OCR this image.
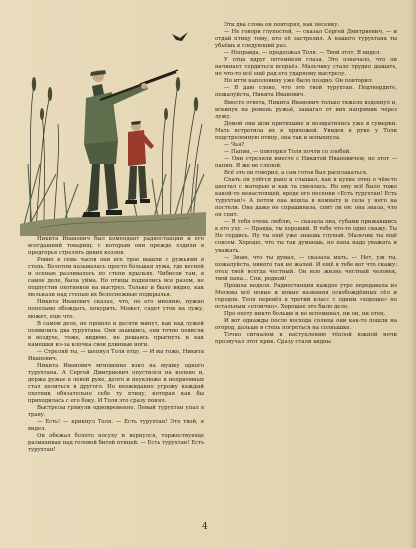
Никита Иванович был комендант радиостанции и его всегдашний товарищ; с которым они прежде ездили в предгорья стрелять диких козлов.

Ровно в семь часов они все трое вышли с ружьями в степь. Болотом называлась просто большая лужа, где весной и осенью разливалось по степи крыльях. Чибисов там, в самое деле, была уйма. Но птицы поднялись все разом, не подпустив охотников на выстрел. Только и было видно, как мелькали над степью их белоснежные подкрылья.

Никита Иванович сказал, что, по его мнению, нужно попеламо обождать, покурить. Может, сядет уток на лужу, может, еще что.

В самом деле, не прошло и десяти минут, как над лужей появились два турухтана. Они знавшись, они точно повисли в воздухе, тоже, видимо, не решаясь прыгнуть и как камешки из-за клочка свои длинные ноги.

— Стреляй ты, — шепнул Толя отцу. — И вы тоже, Никита Иванович.

Никита Иванович мгновенно взял на мушку одного турухтана. А Сергей Дмитриевич опустился на колено и, держа ружье в левой руке, долго и неуклюже в неприемных стал целиться в другого. Но неожиданно угрожу каждый охотник обязательно себе ту птицу, которая как бы приходилась с его боку. И Толя это сразу понял.

Выстрелы грянули одновременно. Левый турухтан упал в траву.

— Есть! — крикнул Толя. — Есть турухтан! Это твой, я видел.

Он обежал болото посуху и вернулся, торжествующе размахивая над головой битой птицей. — Есть турухтан! Есть турухтан!

Эти два слова он повторял, как песенку.

— Не говори глупостей, — сказал Сергей Дмитриевич, — и отдай птицу тому, кто её застрелил. А нашего турухтана ты убьёшь в следующий раз.

— Неправда, — продолжал Толя. — Твой этот. Я видел.

У отца вдруг потемнели глаза. Это означало, что он начинает сердиться всерьёз. Мальчику стало трудно дышать, но что-то всё ещё рад его ударному выстрелу.

Но итти наполовину уже было поздно. Он повторил:

— Я даю слово, что это твой турухтан. Подтвердите, пожалуйста, Никита Иванович.

Вместо ответа, Никита Иванович только тяжело вздохнул и, вскинув на ремень ружьё, зашагал от них напрямик через лужу.

Домой они шли притихшие и возвратились уже в сумерки. Мать встретила их в прихожей. Увидев в руке у Толи подстреленную птицу, она так и вспыхнула.

— Чья?

— Папин, — повторил Толя почти со злобой.

— Они стреляли вместе с Никитой Ивановичем, но этот — папин. Я же не слепой.

Всё это он говорил, а сам готов был расплакаться.

Спать он улёгся рано и слышал, как в кухне отец о чём-то шептал с матерью и как та смеялась. Но ему всё было тоже какой-то ненастоящей, вроде его песенки «Есть турухтан! Есть турухтан!» А потом она вошла в комнату и села у него на постели. Она даже не спрашивала, спит ли он: она знала, что он спит.

— Я тебя очень люблю, — сказала она, губами прижавшись к его уху. — Правда, ты хороший. Я тебе что-то одно скажу. Ты Не сердись. Ну ты ещё уже знаешь глупый. Мальчик ты ещё совсем. Хорошо, что ты так думаешь, но папа надо уважать и уважать.

— Знаю, что ты думал, — сказала мать. — Нет, уж ты, пожалуйста, никого так не жалей. И ещё я тебе вот что скажу: отец твой всегда честный. Он всю жизнь честный человек, твой папа... Спи, родной!

Прошла неделя. Радиостанция каждое утро передавала из Москвы всё новые и новые названия освобождённых сёл и городов. Толя перевёл в третий класс с одним «хорошо» по остальным «отлично». Хорошее это было дело.

Про охоту никто больше и не вспоминал, ни он, ни отец.

И вот однажды после восхода солнца они как-то пошли на огород, дальше в степь погреться на солнышке.

Точно сигналом к наступлению тёплой южной ночи прозвучал этот крик. Сразу стали видны

4
